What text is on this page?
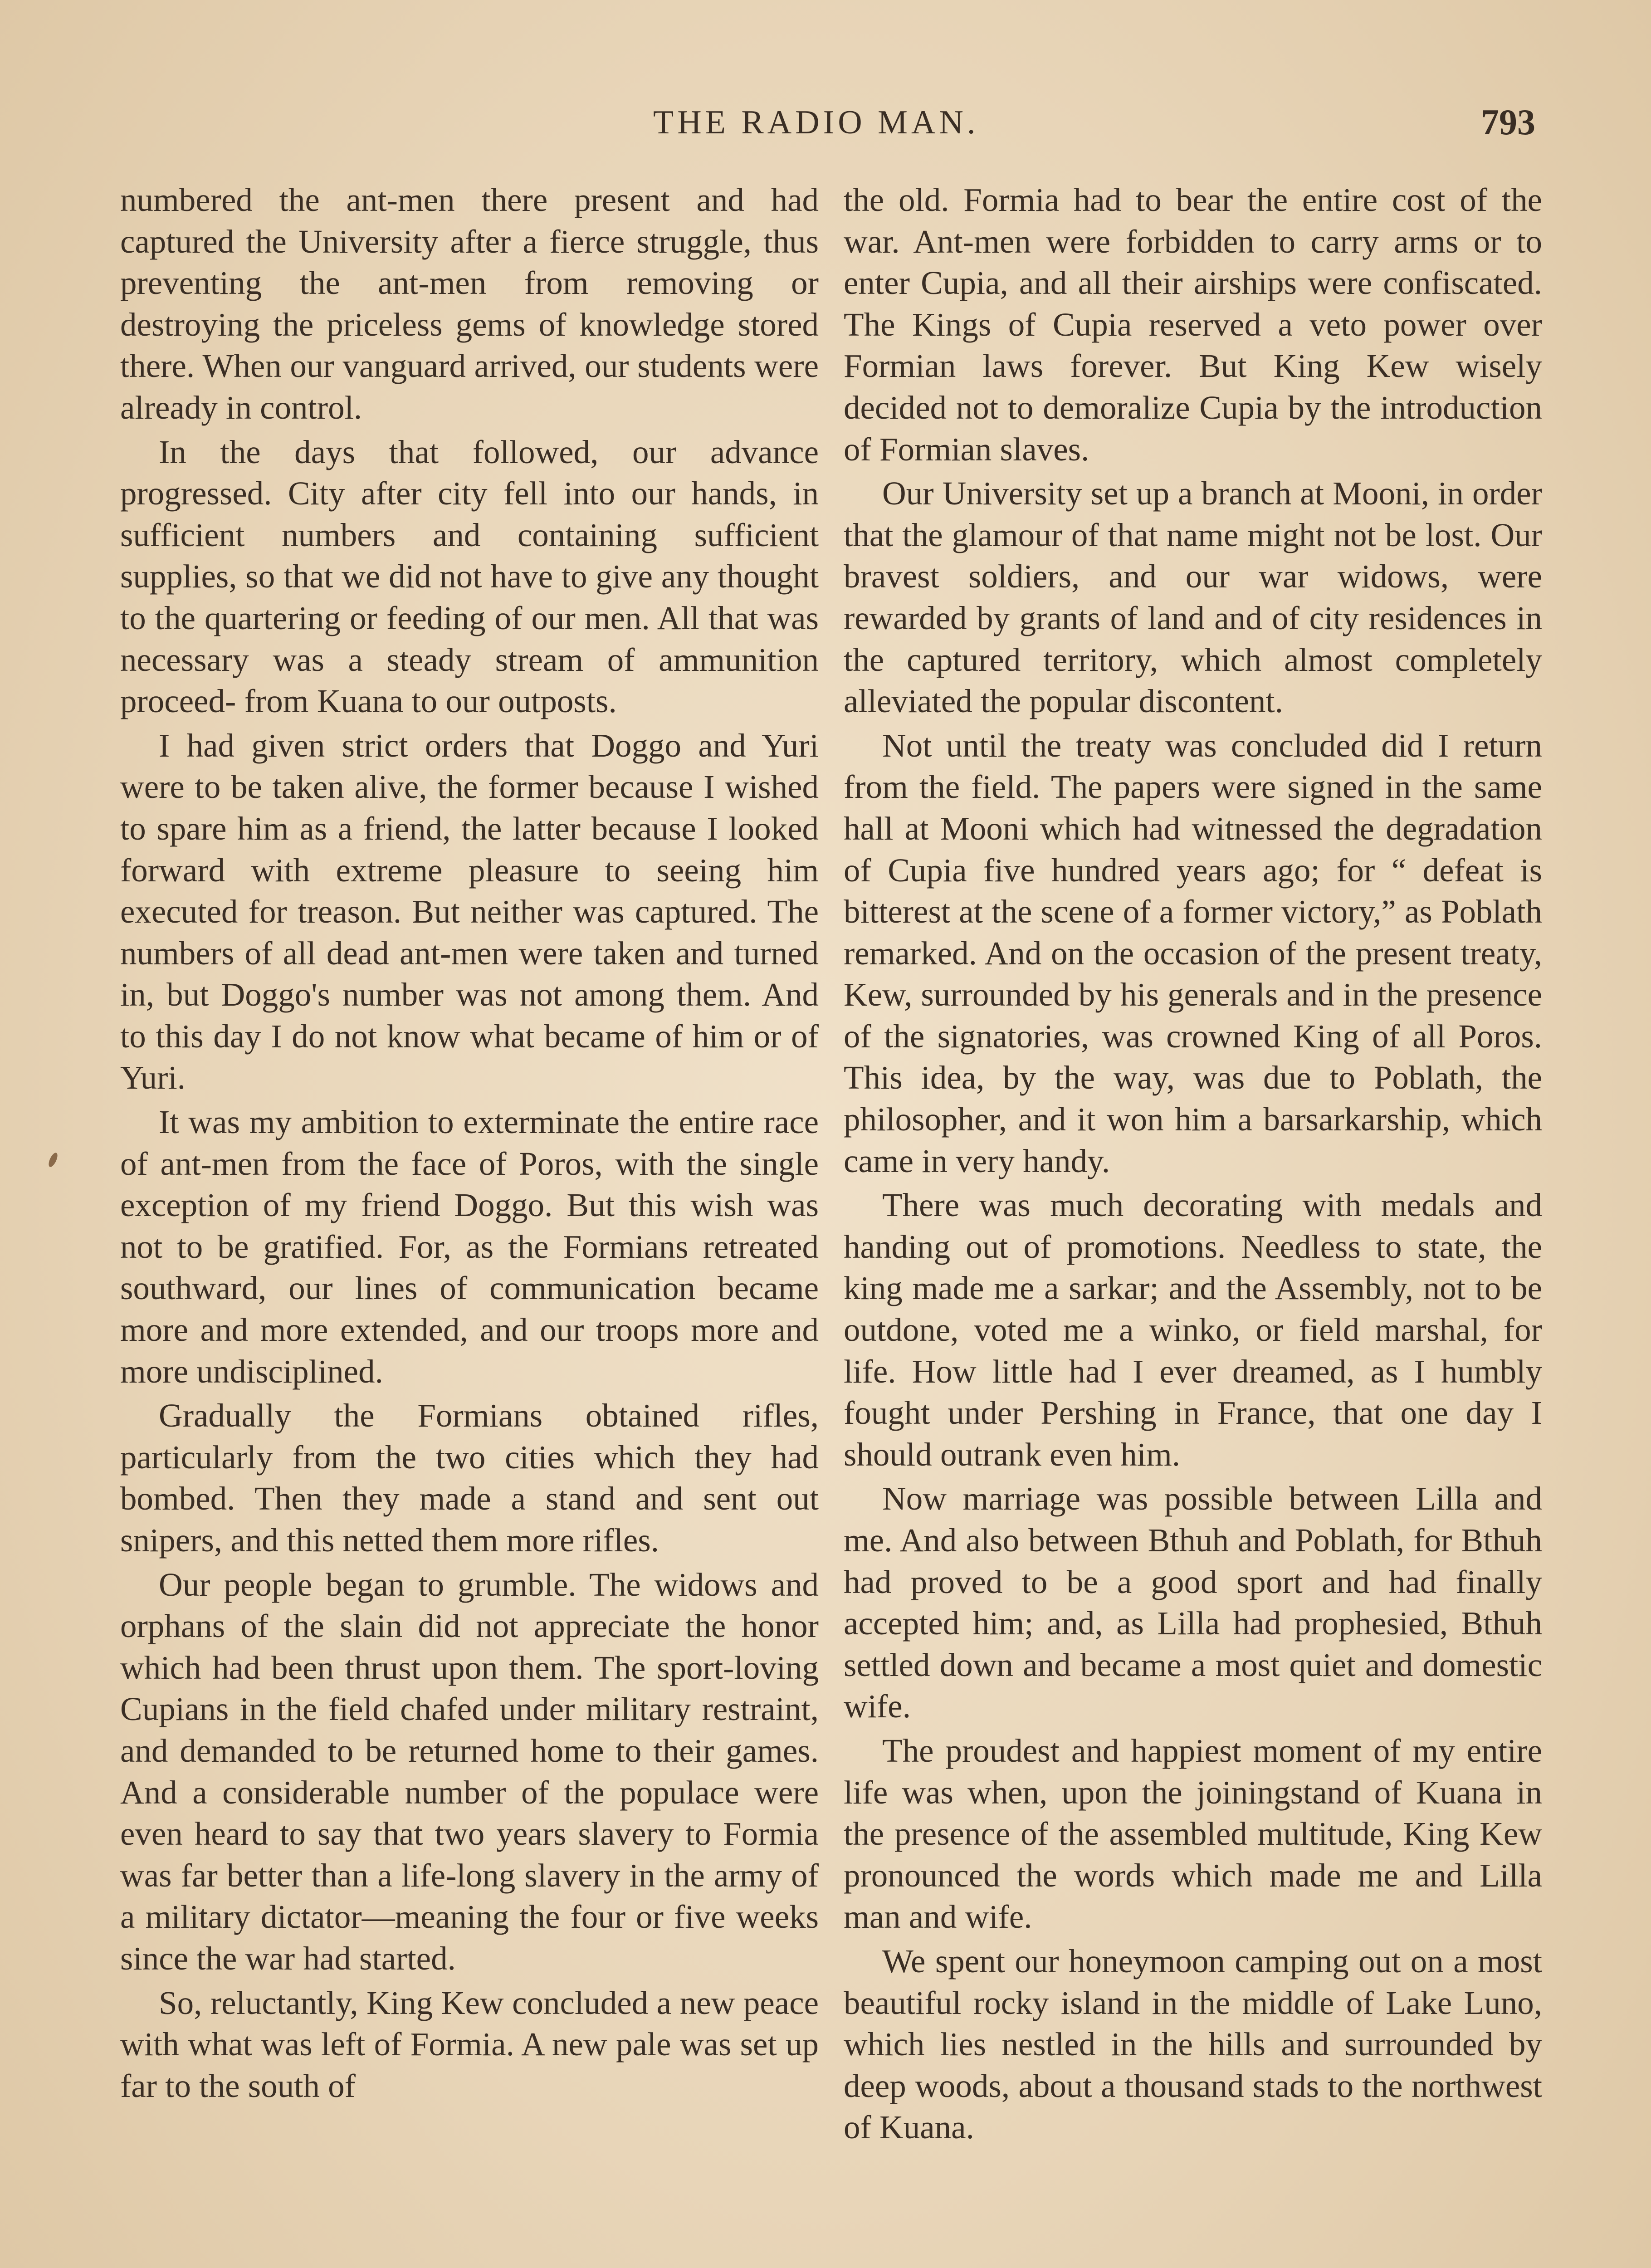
THE RADIO MAN.	793

numbered the ant-men there present and had captured the University after a fierce struggle, thus preventing the ant-men from removing or destroying the priceless gems of knowledge stored there. When our vanguard arrived, our students were already in control.

In the days that followed, our advance progressed. City after city fell into our hands, in sufficient numbers and containing sufficient supplies, so that we did not have to give any thought to the quartering or feeding of our men. All that was necessary was a steady stream of ammunition proceed- from Kuana to our outposts.

I had given strict orders that Doggo and Yuri were to be taken alive, the former because I wished to spare him as a friend, the latter because I looked forward with extreme pleasure to seeing him executed for treason. But neither was captured. The numbers of all dead ant-men were taken and turned in, but Doggo's number was not among them. And to this day I do not know what became of him or of Yuri.

It was my ambition to exterminate the entire race of ant-men from the face of Poros, with the single exception of my friend Doggo. But this wish was not to be gratified. For, as the Formians retreated southward, our lines of communication became more and more extended, and our troops more and more undisciplined.

Gradually the Formians obtained rifles, particularly from the two cities which they had bombed. Then they made a stand and sent out snipers, and this netted them more rifles.

Our people began to grumble. The widows and orphans of the slain did not appreciate the honor which had been thrust upon them. The sport-loving Cupians in the field chafed under military restraint, and demanded to be returned home to their games. And a considerable number of the populace were even heard to say that two years slavery to Formia was far better than a life-long slavery in the army of a military dictator—meaning the four or five weeks since the war had started.

So, reluctantly, King Kew concluded a new peace with what was left of Formia. A new pale was set up far to the south of

the old. Formia had to bear the entire cost of the war. Ant-men were forbidden to carry arms or to enter Cupia, and all their airships were confiscated. The Kings of Cupia reserved a veto power over Formian laws forever. But King Kew wisely decided not to demoralize Cupia by the introduction of Formian slaves.

Our University set up a branch at Mooni, in order that the glamour of that name might not be lost. Our bravest soldiers, and our war widows, were rewarded by grants of land and of city residences in the captured territory, which almost completely alleviated the popular discontent.

Not until the treaty was concluded did I return from the field. The papers were signed in the same hall at Mooni which had witnessed the degradation of Cupia five hundred years ago; for “ defeat is bitterest at the scene of a former victory,” as Poblath remarked. And on the occasion of the present treaty, Kew, surrounded by his generals and in the presence of the signatories, was crowned King of all Poros. This idea, by the way, was due to Poblath, the philosopher, and it won him a barsarkarship, which came in very handy.

There was much decorating with medals and handing out of promotions. Needless to state, the king made me a sarkar; and the Assembly, not to be outdone, voted me a winko, or field marshal, for life. How little had I ever dreamed, as I humbly fought under Pershing in France, that one day I should outrank even him.

Now marriage was possible between Lilla and me. And also between Bthuh and Poblath, for Bthuh had proved to be a good sport and had finally accepted him; and, as Lilla had prophesied, Bthuh settled down and became a most quiet and domestic wife.

The proudest and happiest moment of my entire life was when, upon the joiningstand of Kuana in the presence of the assembled multitude, King Kew pronounced the words which made me and Lilla man and wife.

We spent our honeymoon camping out on a most beautiful rocky island in the middle of Lake Luno, which lies nestled in the hills and surrounded by deep woods, about a thousand stads to the northwest of Kuana.
